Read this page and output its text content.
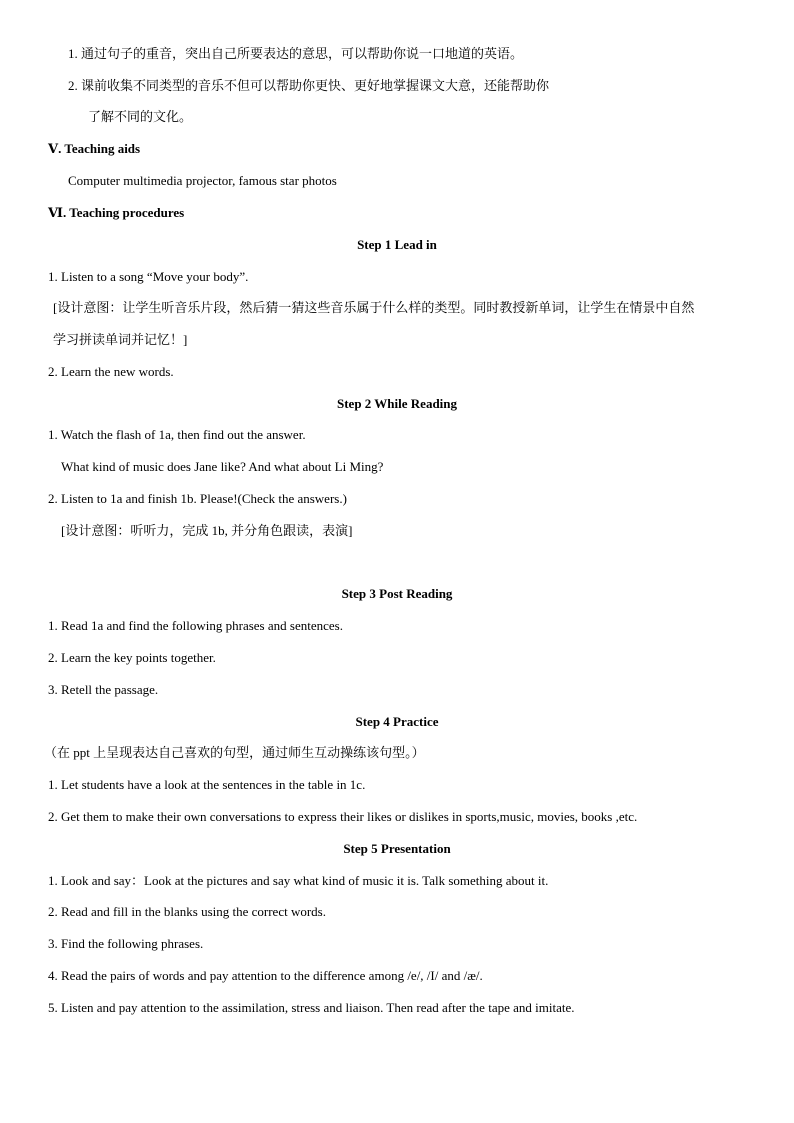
1. 通过句子的重音，突出自己所要表达的意思，可以帮助你说一口地道的英语。
2. 课前收集不同类型的音乐不但可以帮助你更快、更好地掌握课文大意，还能帮助你
了解不同的文化。
Ⅴ. Teaching aids
Computer multimedia projector, famous star photos
Ⅵ. Teaching procedures
Step 1 Lead in
1. Listen to a song “Move your body”.
[设计意图：让学生听音乐片段，然后猜一猜这些音乐属于什么样的类型。同时教授新单词，让学生在情景中自然
学习拼读单词并记忆！]
2. Learn the new words.
Step 2 While Reading
1. Watch the flash of 1a, then find out the answer.
What kind of music does Jane like? And what about Li Ming?
2. Listen to 1a and finish 1b. Please!(Check the answers.)
[设计意图：听听力，完成 1b, 并分角色跟读，表演]
Step 3 Post Reading
1. Read 1a and find the following phrases and sentences.
2. Learn the key points together.
3. Retell the passage.
Step 4 Practice
（在 ppt 上呈现表达自己喜欢的句型，通过师生互动操练该句型。）
1. Let students have a look at the sentences in the table in 1c.
2. Get them to make their own conversations to express their likes or dislikes in sports,music, movies, books ,etc.
Step 5 Presentation
1. Look and say：Look at the pictures and say what kind of music it is. Talk something about it.
2. Read and fill in the blanks using the correct words.
3. Find the following phrases.
4. Read the pairs of words and pay attention to the difference among /e/, /I/ and /æ/.
5. Listen and pay attention to the assimilation, stress and liaison. Then read after the tape and imitate.
